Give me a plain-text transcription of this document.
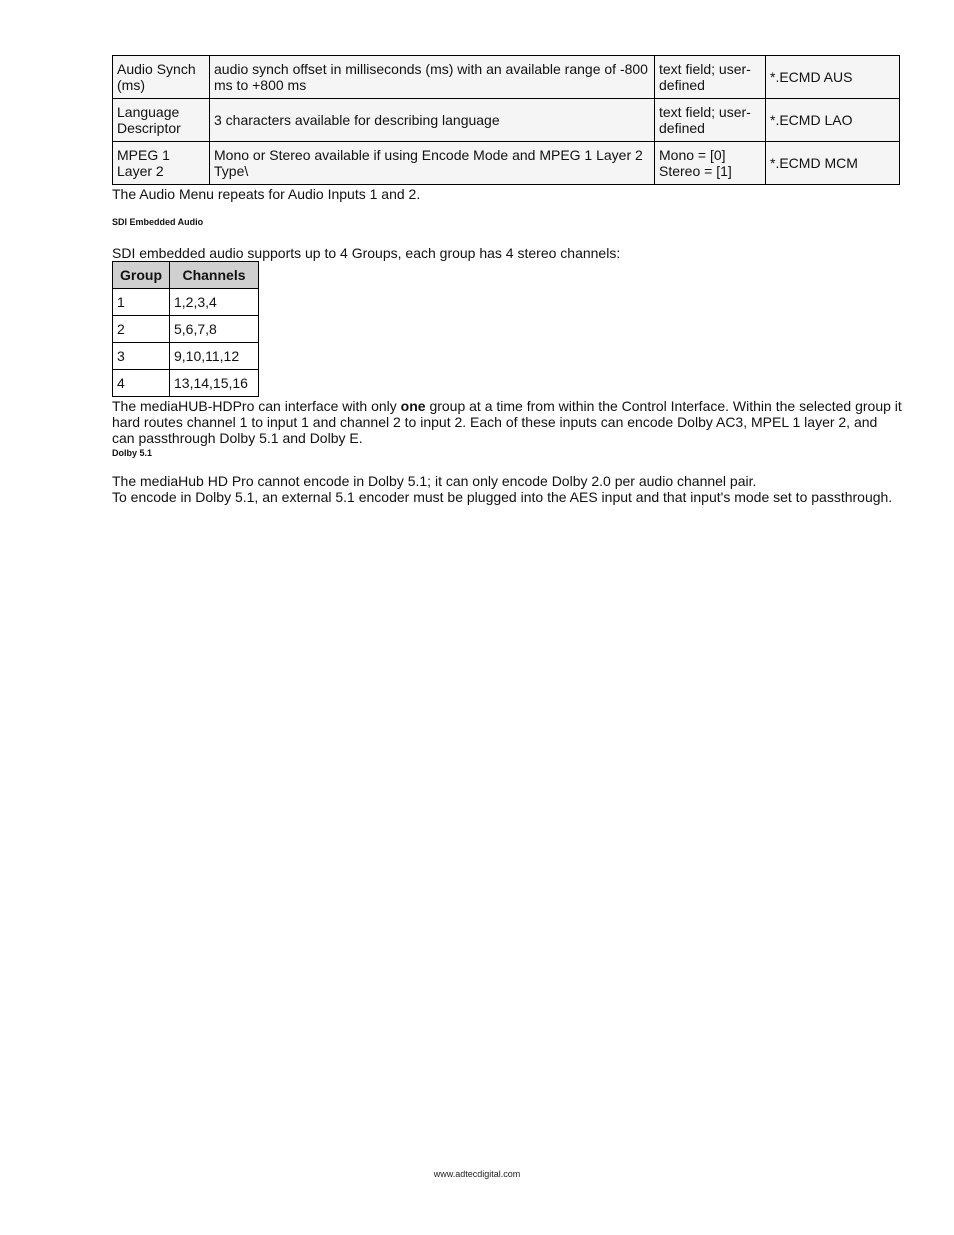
Audio Synch (ms)	audio synch offset in milliseconds (ms) with an available range of -800 ms to +800 ms	text field; user-defined	*.ECMD AUS
Language Descriptor	3 characters available for describing language	text field; user-defined	*.ECMD LAO
MPEG 1 Layer 2	Mono or Stereo available if using Encode Mode and MPEG 1 Layer 2 Type\	Mono = [0] Stereo = [1]	*.ECMD MCM

The Audio Menu repeats for Audio Inputs 1 and 2.

SDI Embedded Audio

SDI embedded audio supports up to 4 Groups, each group has 4 stereo channels:

Group	Channels
1	1,2,3,4
2	5,6,7,8
3	9,10,11,12
4	13,14,15,16

The mediaHUB-HDPro can interface with only one group at a time from within the Control Interface. Within the selected group it hard routes channel 1 to input 1 and channel 2 to input 2. Each of these inputs can encode Dolby AC3, MPEL 1 layer 2, and can passthrough Dolby 5.1 and Dolby E.

Dolby 5.1

The mediaHub HD Pro cannot encode in Dolby 5.1; it can only encode Dolby 2.0 per audio channel pair.

To encode in Dolby 5.1, an external 5.1 encoder must be plugged into the AES input and that input's mode set to passthrough.

www.adtecdigital.com
